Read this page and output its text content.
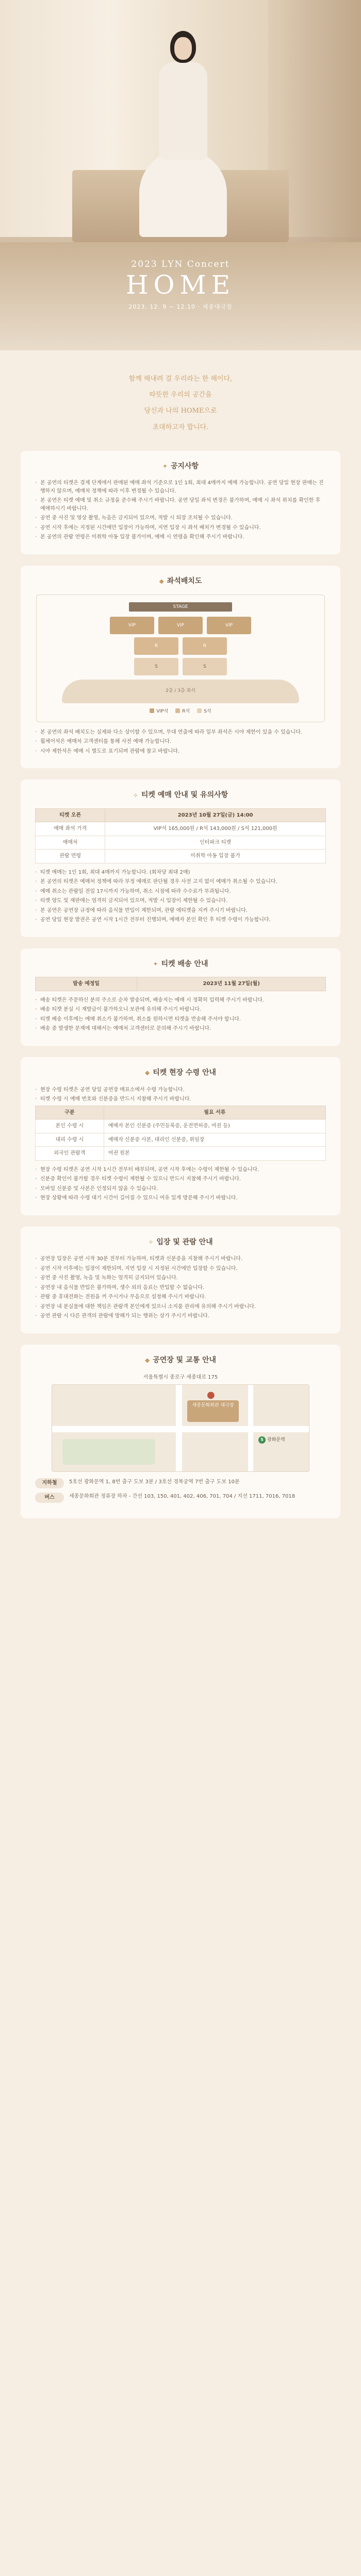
2023 LYN Concert
HOME
2023. 12. 9 ~ 12.10 · 세종대극장
함께 해내려 걸 우리라는 한 해이다,
따뜻한 우리의 공간을
당신과 나의 HOME으로
초대하고자 합니다.
✦ 공지사항
· 본 공연의 티켓은 결제 단계에서 판매된 예매 좌석 기준으로 1인 1회, 최대 4매까지 예매 가능합니다. 공연 당일 현장 판매는 진행하지 않으며, 예매처 정책에 따라 이후 변경될 수 있습니다.
· 본 공연은 티켓 예매 및 취소 규정을 준수해 주시기 바랍니다. 공연 당일 좌석 변경은 불가하며, 예매 시 좌석 위치를 확인한 후 예매하시기 바랍니다.
· 공연 중 사진 및 영상 촬영, 녹음은 금지되어 있으며, 적발 시 퇴장 조치될 수 있습니다.
· 공연 시작 후에는 지정된 시간에만 입장이 가능하며, 지연 입장 시 좌석 배치가 변경될 수 있습니다.
· 본 공연의 관람 연령은 미취학 아동 입장 불가이며, 예매 시 연령을 확인해 주시기 바랍니다.
◆ 좌석배치도
STAGE
VIP	VIP	VIP
R	R
S	S
2층 / 3층 좌석
VIP석	R석	S석
· 본 공연의 좌석 배치도는 실제와 다소 상이할 수 있으며, 무대 연출에 따라 일부 좌석은 시야 제한이 있을 수 있습니다.
· 휠체어석은 예매처 고객센터를 통해 사전 예매 가능합니다.
· 시야 제한석은 예매 시 별도로 표기되며 관람에 참고 바랍니다.
✧ 티켓 예매 안내 및 유의사항
티켓 오픈	2023년 10월 27일(금) 14:00
예매 좌석 가격	VIP석 165,000원 / R석 143,000원 / S석 121,000원
예매처	인터파크 티켓
관람 연령	미취학 아동 입장 불가
· 티켓 예매는 1인 1회, 최대 4매까지 가능합니다. (회차당 최대 2매)
· 본 공연의 티켓은 예매처 정책에 따라 부정 예매로 판단될 경우 사전 고지 없이 예매가 취소될 수 있습니다.
· 예매 취소는 관람일 전일 17시까지 가능하며, 취소 시점에 따라 수수료가 부과됩니다.
· 티켓 양도 및 재판매는 엄격히 금지되어 있으며, 적발 시 입장이 제한될 수 있습니다.
· 본 공연은 공연장 규정에 따라 음식물 반입이 제한되며, 관람 에티켓을 지켜 주시기 바랍니다.
· 공연 당일 현장 발권은 공연 시작 1시간 전부터 진행되며, 예매자 본인 확인 후 티켓 수령이 가능합니다.
✦ 티켓 배송 안내
발송 예정일	2023년 11월 27일(월)
· 배송 티켓은 주문하신 분의 주소로 순차 발송되며, 배송지는 예매 시 정확히 입력해 주시기 바랍니다.
· 배송 티켓 분실 시 재발급이 불가하오니 보관에 유의해 주시기 바랍니다.
· 티켓 배송 이후에는 예매 취소가 불가하며, 취소를 원하시면 티켓을 반송해 주셔야 합니다.
· 배송 중 발생한 문제에 대해서는 예매처 고객센터로 문의해 주시기 바랍니다.
◆ 티켓 현장 수령 안내
· 현장 수령 티켓은 공연 당일 공연장 매표소에서 수령 가능합니다.
· 티켓 수령 시 예매 번호와 신분증을 반드시 지참해 주시기 바랍니다.
구분	필요 서류
본인 수령 시	예매자 본인 신분증 (주민등록증, 운전면허증, 여권 등)
대리 수령 시	예매자 신분증 사본, 대리인 신분증, 위임장
외국인 관람객	여권 원본
· 현장 수령 티켓은 공연 시작 1시간 전부터 배부되며, 공연 시작 후에는 수령이 제한될 수 있습니다.
· 신분증 확인이 불가할 경우 티켓 수령이 제한될 수 있으니 반드시 지참해 주시기 바랍니다.
· 모바일 신분증 및 사본은 인정되지 않을 수 있습니다.
· 현장 상황에 따라 수령 대기 시간이 길어질 수 있으니 여유 있게 방문해 주시기 바랍니다.
✧ 입장 및 관람 안내
· 공연장 입장은 공연 시작 30분 전부터 가능하며, 티켓과 신분증을 지참해 주시기 바랍니다.
· 공연 시작 이후에는 입장이 제한되며, 지연 입장 시 지정된 시간에만 입장할 수 있습니다.
· 공연 중 사진 촬영, 녹음 및 녹화는 엄격히 금지되어 있습니다.
· 공연장 내 음식물 반입은 불가하며, 생수 외의 음료는 반입할 수 없습니다.
· 관람 중 휴대전화는 전원을 꺼 주시거나 무음으로 설정해 주시기 바랍니다.
· 공연장 내 분실물에 대한 책임은 관람객 본인에게 있으니 소지품 관리에 유의해 주시기 바랍니다.
· 공연 관람 시 다른 관객의 관람에 방해가 되는 행위는 삼가 주시기 바랍니다.
◆ 공연장 및 교통 안내
서울특별시 종로구 세종대로 175
세종문화회관 대극장
●
5 광화문역
지하철	5호선 광화문역 1, 8번 출구 도보 3분 / 3호선 경복궁역 7번 출구 도보 10분
버스	세종문화회관 정류장 하차 - 간선 103, 150, 401, 402, 406, 701, 704 / 지선 1711, 7016, 7018
